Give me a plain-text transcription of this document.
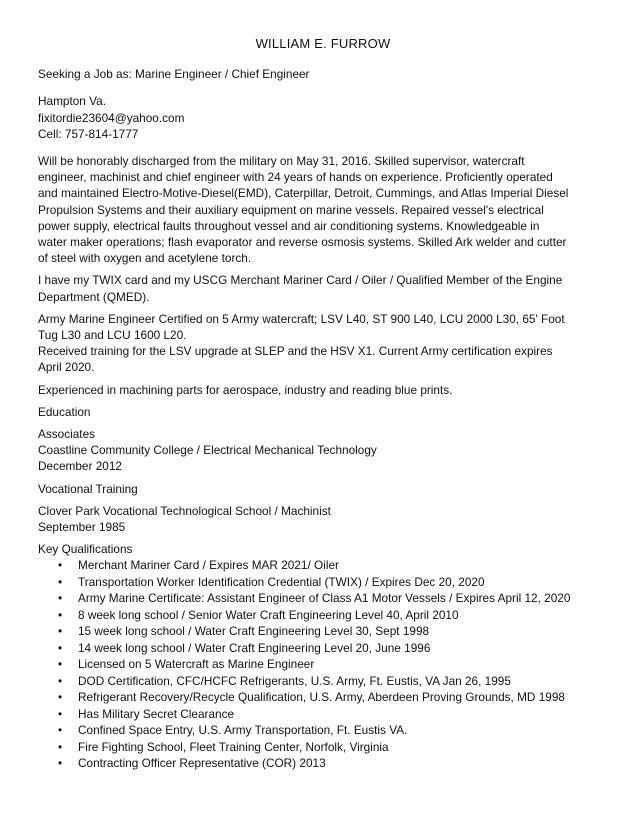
WILLIAM E. FURROW

Seeking a Job as: Marine Engineer / Chief Engineer

Hampton Va.
fixitordie23604@yahoo.com
Cell: 757-814-1777

Will be honorably discharged from the military on May 31, 2016. Skilled supervisor, watercraft
engineer, machinist and chief engineer with 24 years of hands on experience. Proficiently operated
and maintained Electro-Motive-Diesel(EMD), Caterpillar, Detroit, Cummings, and Atlas Imperial Diesel
Propulsion Systems and their auxiliary equipment on marine vessels. Repaired vessel's electrical
power supply, electrical faults throughout vessel and air conditioning systems. Knowledgeable in
water maker operations; flash evaporator and reverse osmosis systems. Skilled Ark welder and cutter
of steel with oxygen and acetylene torch.

I have my TWIX card and my USCG Merchant Mariner Card / Oiler / Qualified Member of the Engine
Department (QMED).

Army Marine Engineer Certified on 5 Army watercraft; LSV L40, ST 900 L40, LCU 2000 L30, 65' Foot
Tug L30 and LCU 1600 L20.
Received training for the LSV upgrade at SLEP and the HSV X1. Current Army certification expires
April 2020.

Experienced in machining parts for aerospace, industry and reading blue prints.

Education

Associates
Coastline Community College / Electrical Mechanical Technology
December 2012

Vocational Training

Clover Park Vocational Technological School / Machinist
September 1985

Key Qualifications
• Merchant Mariner Card / Expires MAR 2021/ Oiler
• Transportation Worker Identification Credential (TWIX) / Expires Dec 20, 2020
• Army Marine Certificate: Assistant Engineer of Class A1 Motor Vessels / Expires April 12, 2020
• 8 week long school / Senior Water Craft Engineering Level 40, April 2010
• 15 week long school / Water Craft Engineering Level 30, Sept 1998
• 14 week long school / Water Craft Engineering Level 20, June 1996
• Licensed on 5 Watercraft as Marine Engineer
• DOD Certification, CFC/HCFC Refrigerants, U.S. Army, Ft. Eustis, VA Jan 26, 1995
• Refrigerant Recovery/Recycle Qualification, U.S. Army, Aberdeen Proving Grounds, MD 1998
• Has Military Secret Clearance
• Confined Space Entry, U.S. Army Transportation, Ft. Eustis VA.
• Fire Fighting School, Fleet Training Center, Norfolk, Virginia
• Contracting Officer Representative (COR) 2013
